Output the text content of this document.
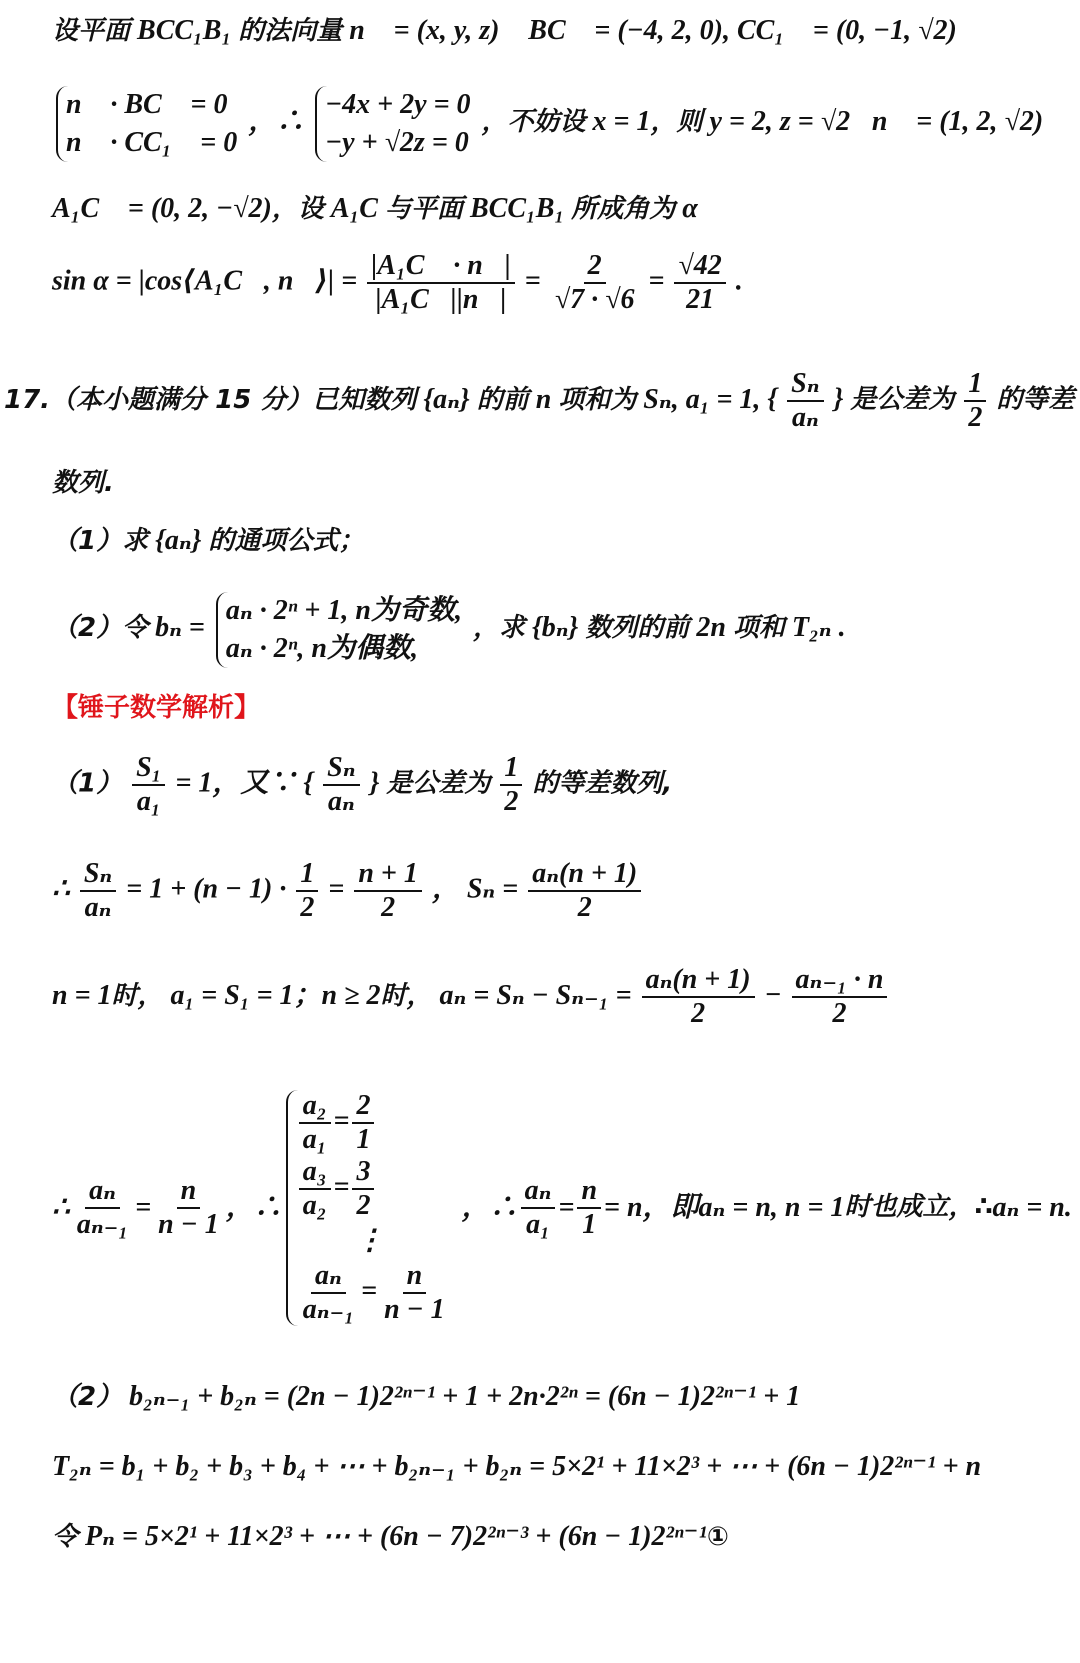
设平面 BCC₁B₁ 的法向量 n⃗ = (x, y, z)， BC⃗ = (−4, 2, 0), CC₁⃗ = (0, −1, √2)
n⃗ · BC⃗ = 0
n⃗ · CC₁⃗ = 0
，∴
−4x + 2y = 0
−y + √2z = 0
，不妨设 x = 1，则 y = 2, z = √2，n⃗ = (1, 2, √2)
A₁C⃗ = (0, 2, −√2)，设 A₁C 与平面 BCC₁B₁ 所成角为 α
sin α = |cos⟨A₁C⃗, n⃗⟩| = $\frac{\text{|A₁C⃗ · n⃗|}}{\text{|A₁C⃗||n⃗|}} = \frac{2}{√7 \cdot √6} = \frac{√42}{21}$ .
17.（本小题满分 15 分）已知数列 {aₙ} 的前 n 项和为 Sₙ, a₁ = 1, { $\frac{\text{Sₙ}}{\text{aₙ}}$ } 是公差为 $\frac{1}{2}$ 的等差
数列.
（1）求 {aₙ} 的通项公式；
（2）令 bₙ =
aₙ · 2ⁿ + 1, n为奇数,
aₙ · 2ⁿ, n为偶数,
，求 {bₙ} 数列的前 2n 项和 T₂ₙ .
【锤子数学解析】
$(1) \frac{\text{S₁}}{\text{a₁}} = 1$，又∵ { $\frac{\text{Sₙ}}{\text{aₙ}}$ } 是公差为 $\frac{1}{2}$ 的等差数列,
∴ $\frac{\text{Sₙ}}{\text{aₙ}} = 1 + (n - 1) \cdot \frac{1}{2} = \frac{n + 1}{2}$ ， $S_n = \frac{\text{aₙ(n + 1)}}{2}$
n = 1时， a₁ = S₁ = 1；n ≥ 2时， $a_n = S_n - S_{n-1} = \frac{\text{aₙ(n + 1)}}{2} - \frac{\text{aₙ₋₁ · n}}{2}$
∴ $\frac{\text{aₙ}}{\text{aₙ₋₁}} = \frac{n}{n - 1}$ ，∴
$\frac{\text{a₂}}{\text{a₁}} = \frac{2}{1}$
$\frac{\text{a₃}}{\text{a₂}} = \frac{3}{2}$
⋮
$\frac{\text{aₙ}}{\text{aₙ₋₁}} = \frac{n}{n - 1}$
，∴ $\frac{\text{aₙ}}{\text{a₁}} = \frac{n}{1} = n$，即 aₙ = n, n = 1 时也成立，∴ aₙ = n.
（2） b₂ₙ₋₁ + b₂ₙ = (2n − 1)2²ⁿ⁻¹ + 1 + 2n·2²ⁿ = (6n − 1)2²ⁿ⁻¹ + 1
T₂ₙ = b₁ + b₂ + b₃ + b₄ + ⋯ + b₂ₙ₋₁ + b₂ₙ = 5×2¹ + 11×2³ + ⋯ + (6n − 1)2²ⁿ⁻¹ + n
令 Pₙ = 5×2¹ + 11×2³ + ⋯ + (6n − 7)2²ⁿ⁻³ + (6n − 1)2²ⁿ⁻¹①
